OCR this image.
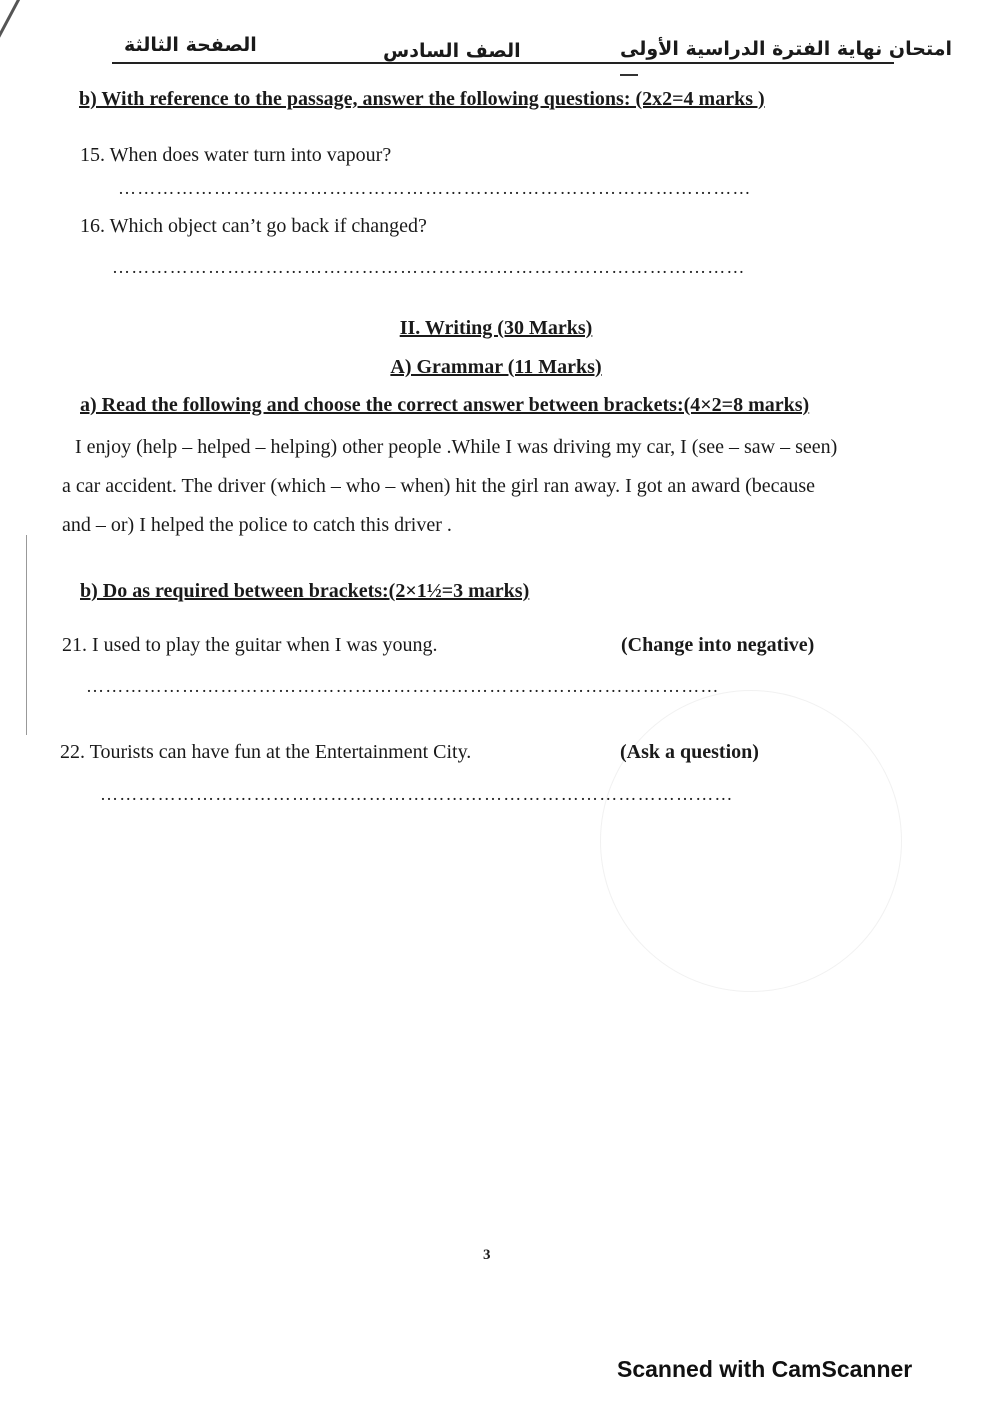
الصفحة الثالثة	الصف السادس	امتحان نهاية الفترة الدراسية الأولى
b) With reference to the passage, answer the following questions: (2x2=4 marks )
15. When does water turn into vapour?
………………………………………………………………………………………
16. Which object can’t go back if changed?
………………………………………………………………………………………
II. Writing (30 Marks)
A) Grammar (11 Marks)
a) Read the following and choose the correct answer between brackets:(4×2=8 marks)

I enjoy (help – helped – helping) other people .While I was driving my car, I (see – saw – seen)

a car accident. The driver (which – who – when) hit the girl ran away. I got an award (because

and – or) I helped the police to catch this driver .

b) Do as required between brackets:(2×1½=3 marks)
21. I used to play the guitar when I was young.	(Change into negative)
………………………………………………………………………………………
22. Tourists can have fun at the Entertainment City.	(Ask a question)
………………………………………………………………………………………
3
Scanned with CamScanner
